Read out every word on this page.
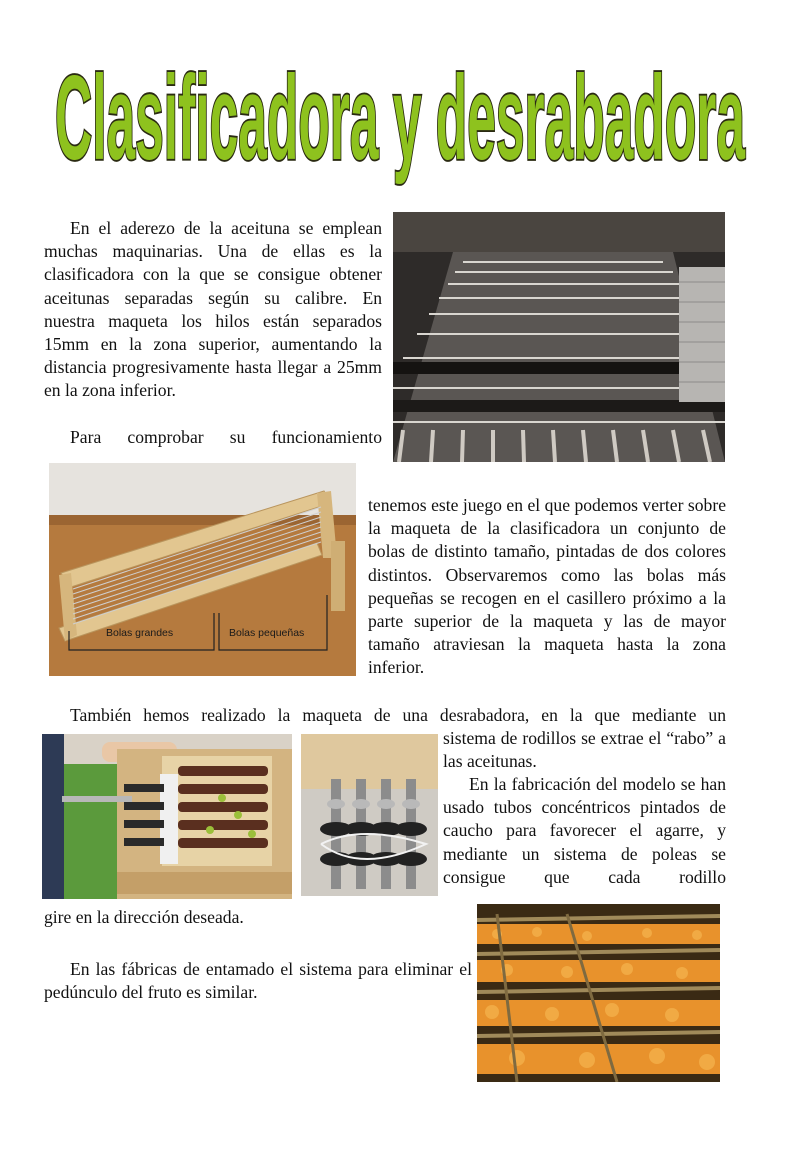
Clasificadora y desrabadora

En el aderezo de la aceituna se emplean muchas maquinarias. Una de ellas es la clasificadora con la que se consigue obtener aceitunas separadas según su calibre. En nuestra maqueta los hilos están separados 15mm en la zona superior, aumentando la distancia progresivamente hasta llegar a 25mm en la zona inferior.

Para comprobar su funcionamiento

Bolas grandes	Bolas pequeñas

tenemos este juego en el que podemos verter sobre la maqueta de la clasificadora un conjunto de bolas de distinto tamaño, pintadas de dos colores distintos. Observaremos como las bolas más pequeñas se recogen en el casillero próximo a la parte superior de la maqueta y las de mayor tamaño atraviesan la maqueta hasta la zona inferior.

También hemos realizado la maqueta de una desrabadora, en la que mediante un

sistema de rodillos se extrae el “rabo” a las aceitunas.

En la fabricación del modelo se han usado tubos concéntricos pintados de caucho para favorecer el agarre, y mediante un sistema de poleas se consigue que cada rodillo

gire en la dirección deseada.

En las fábricas de entamado el sistema para eliminar el pedúnculo del fruto es similar.
